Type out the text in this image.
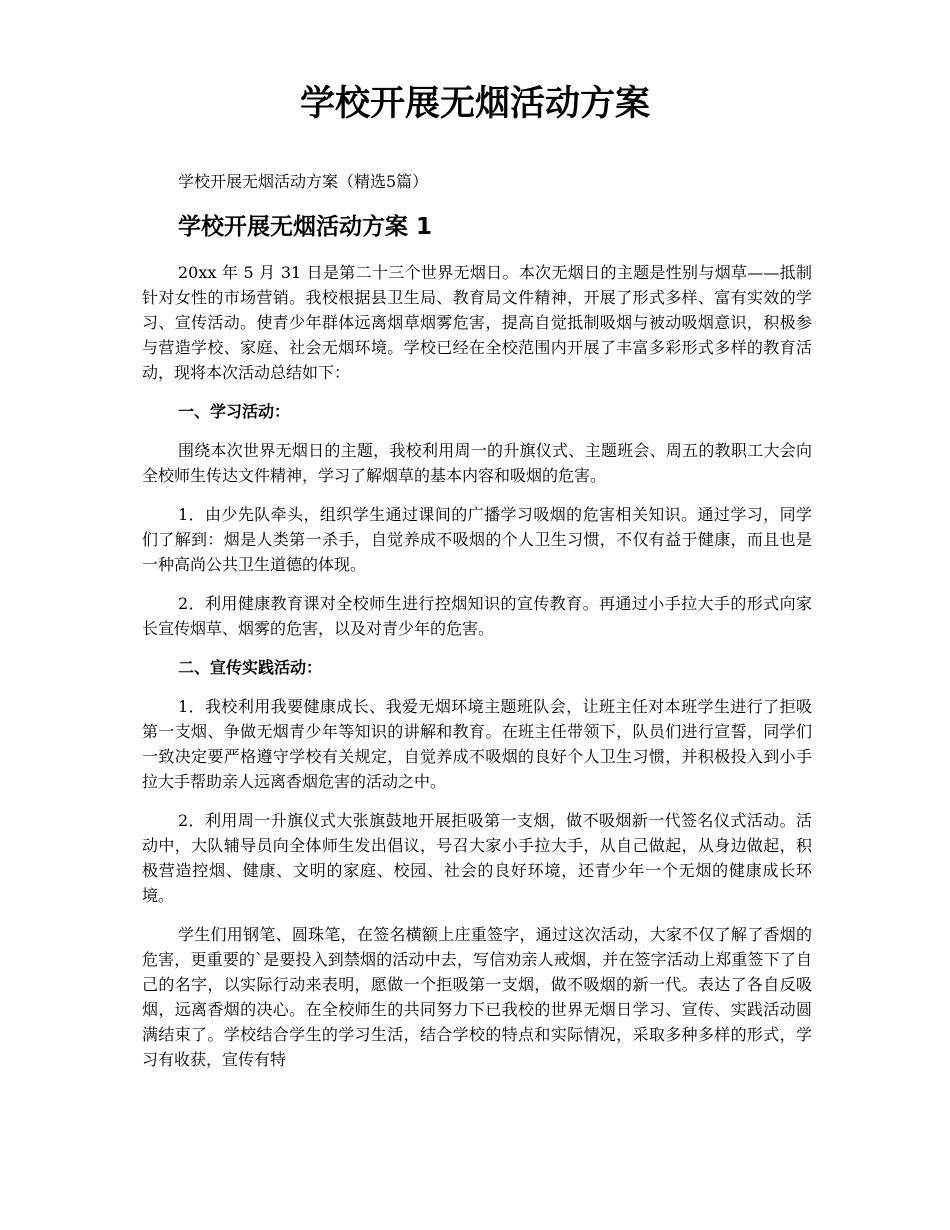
学校开展无烟活动方案

学校开展无烟活动方案（精选5篇）

学校开展无烟活动方案 1

20xx 年 5 月 31 日是第二十三个世界无烟日。本次无烟日的主题是性别与烟草——抵制针对女性的市场营销。我校根据县卫生局、教育局文件精神，开展了形式多样、富有实效的学习、宣传活动。使青少年群体远离烟草烟雾危害，提高自觉抵制吸烟与被动吸烟意识，积极参与营造学校、家庭、社会无烟环境。学校已经在全校范围内开展了丰富多彩形式多样的教育活动，现将本次活动总结如下：

一、学习活动：

围绕本次世界无烟日的主题，我校利用周一的升旗仪式、主题班会、周五的教职工大会向全校师生传达文件精神，学习了解烟草的基本内容和吸烟的危害。

1．由少先队牵头，组织学生通过课间的广播学习吸烟的危害相关知识。通过学习，同学们了解到：烟是人类第一杀手，自觉养成不吸烟的个人卫生习惯，不仅有益于健康，而且也是一种高尚公共卫生道德的体现。

2．利用健康教育课对全校师生进行控烟知识的宣传教育。再通过小手拉大手的形式向家长宣传烟草、烟雾的危害，以及对青少年的危害。

二、宣传实践活动：

1．我校利用我要健康成长、我爱无烟环境主题班队会，让班主任对本班学生进行了拒吸第一支烟、争做无烟青少年等知识的讲解和教育。在班主任带领下，队员们进行宣誓，同学们一致决定要严格遵守学校有关规定，自觉养成不吸烟的良好个人卫生习惯，并积极投入到小手拉大手帮助亲人远离香烟危害的活动之中。

2．利用周一升旗仪式大张旗鼓地开展拒吸第一支烟，做不吸烟新一代签名仪式活动。活动中，大队辅导员向全体师生发出倡议，号召大家小手拉大手，从自己做起，从身边做起，积极营造控烟、健康、文明的家庭、校园、社会的良好环境，还青少年一个无烟的健康成长环境。

学生们用钢笔、圆珠笔，在签名横额上庄重签字，通过这次活动，大家不仅了解了香烟的危害，更重要的`是要投入到禁烟的活动中去，写信劝亲人戒烟，并在签字活动上郑重签下了自己的名字，以实际行动来表明，愿做一个拒吸第一支烟，做不吸烟的新一代。表达了各自反吸烟，远离香烟的决心。在全校师生的共同努力下已我校的世界无烟日学习、宣传、实践活动圆满结束了。学校结合学生的学习生活，结合学校的特点和实际情况，采取多种多样的形式，学习有收获，宣传有特
